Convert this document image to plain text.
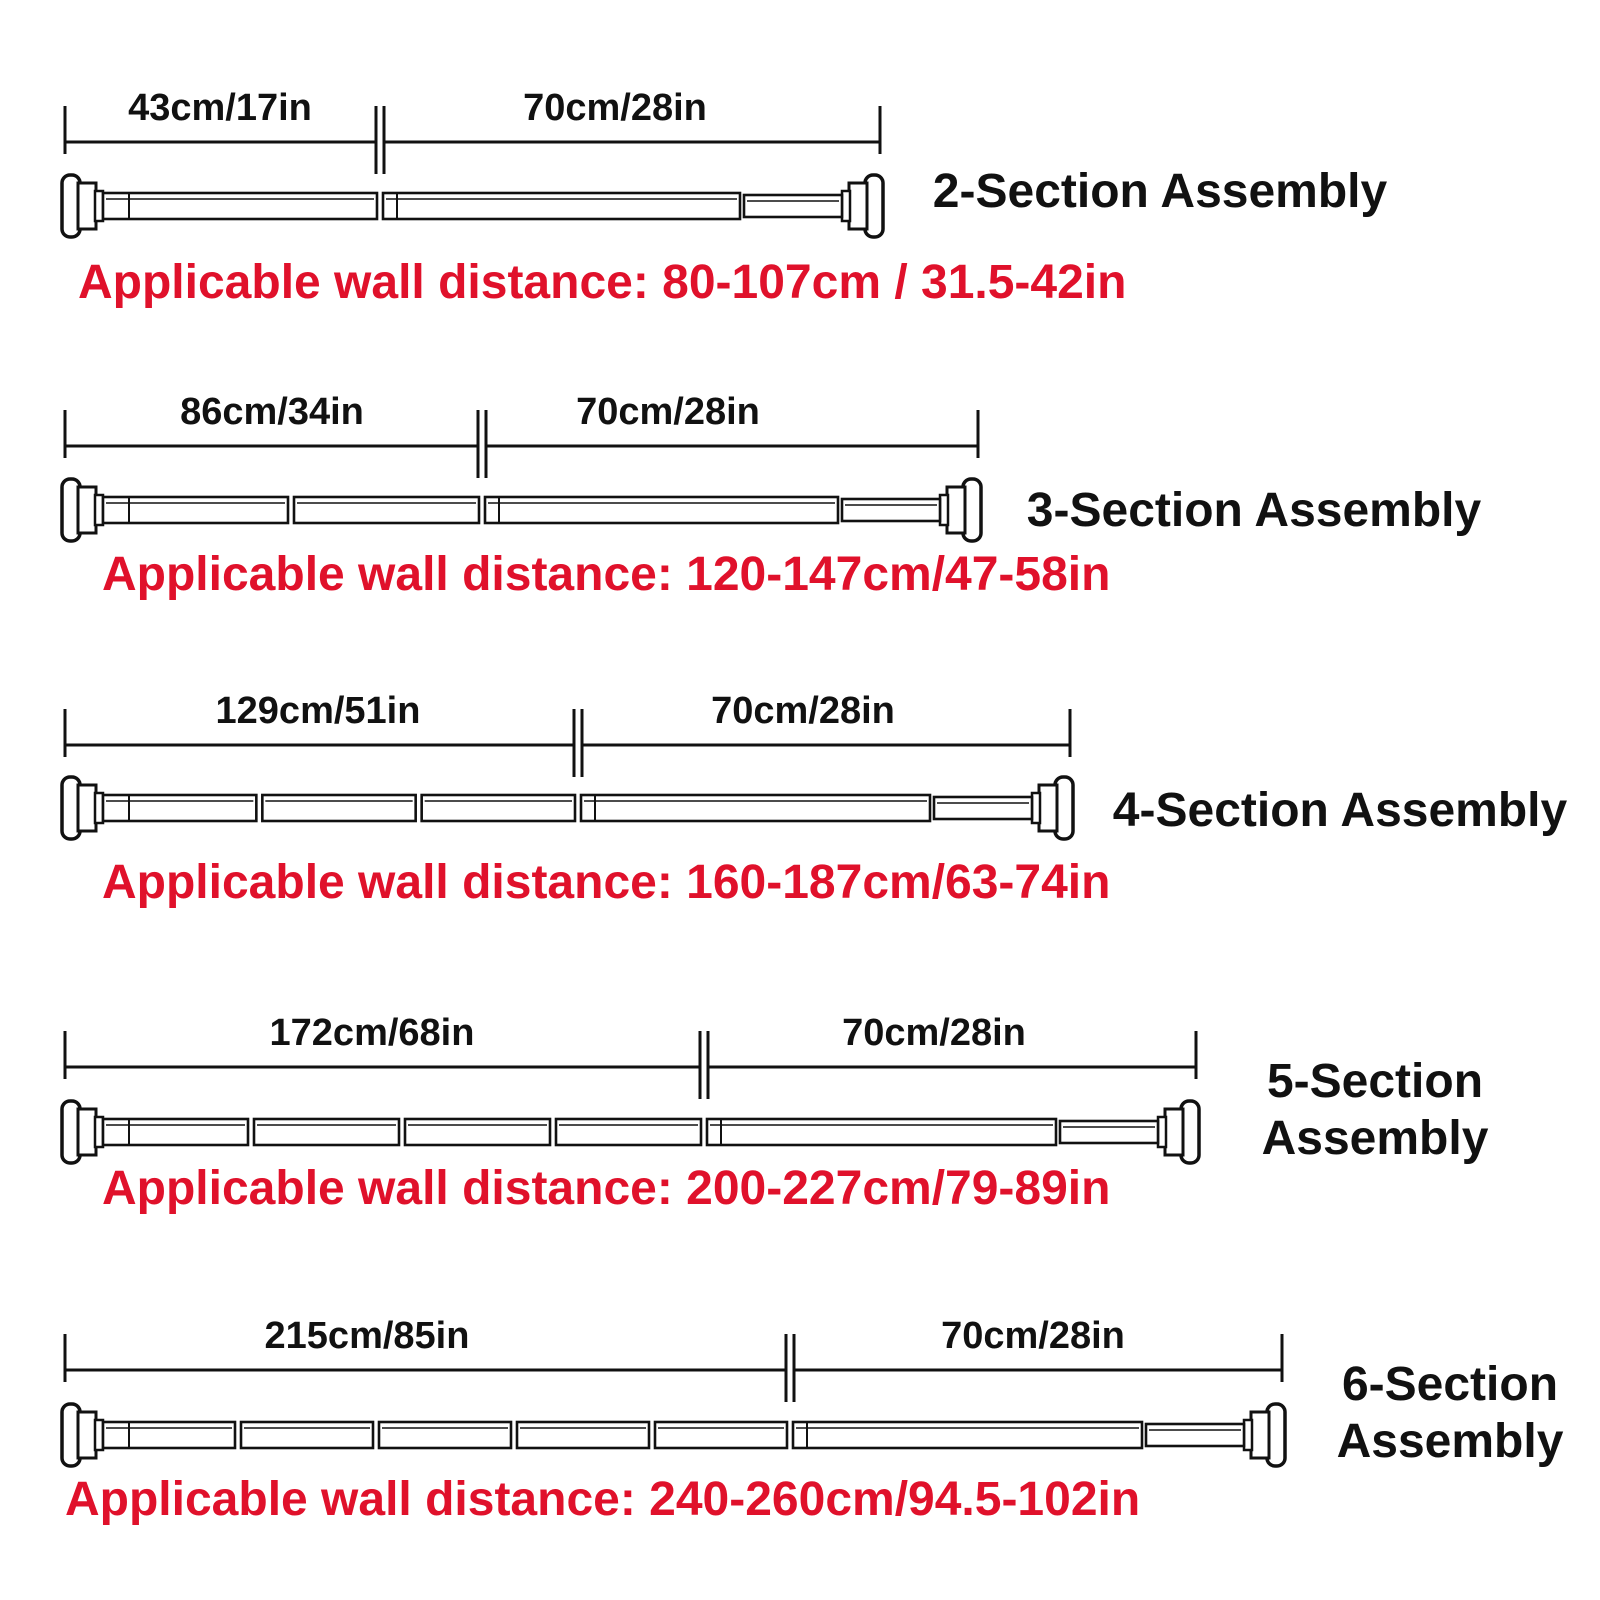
43cm/17in	70cm/28in
2-Section Assembly
Applicable wall distance: 80-107cm / 31.5-42in
86cm/34in	70cm/28in
3-Section Assembly
Applicable wall distance: 120-147cm/47-58in
129cm/51in	70cm/28in
4-Section Assembly
Applicable wall distance: 160-187cm/63-74in
172cm/68in	70cm/28in
5-Section
Assembly
Applicable wall distance: 200-227cm/79-89in
215cm/85in	70cm/28in
6-Section
Assembly
Applicable wall distance: 240-260cm/94.5-102in
